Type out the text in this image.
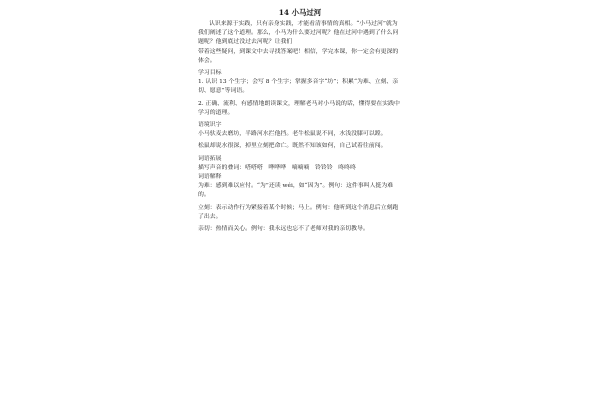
14 小马过河

认识来源于实践，只有亲身实践，才能看清事情的真相。“小马过河”就为我们阐述了这个道理。那么，小马为什么要过河呢？他在过河中遇到了什么问题呢？他到底过没过去河呢？让我们

带着这些疑问，到课文中去寻找答案吧！相信，学完本课，你一定会有更深的体会。

学习目标

1. 认识 13 个生字；会写 8 个生字；掌握多音字“坊”；积累“为难、立刻、亲切、愿意”等词语。

2. 正确、流利、有感情地朗读课文，理解老马对小马说的话，懂得要在实践中学习的道理。

语境识字

小马驮麦去磨坊，半路河水拦他挡。老牛松鼠说不同，水浅没膝可以蹚。

松鼠却说水很深，掉里立刻把命亡。既然不知该如何，自己试着往前闯。

词语拓展

描写声音的叠词：嗒嗒嗒   哗哗哗   嘀嘀嘀   铃铃铃   咚咚咚

词语解释

为难：感到难以应付。“为”还读 wéi，如“因为”。例句：这件事叫人挺为难的。

立刻：表示动作行为紧接着某个时候；马上。例句：他听到这个消息后立刻跑了出去。

亲切：热情而关心。例句：我永远也忘不了老师对我的亲切教导。
